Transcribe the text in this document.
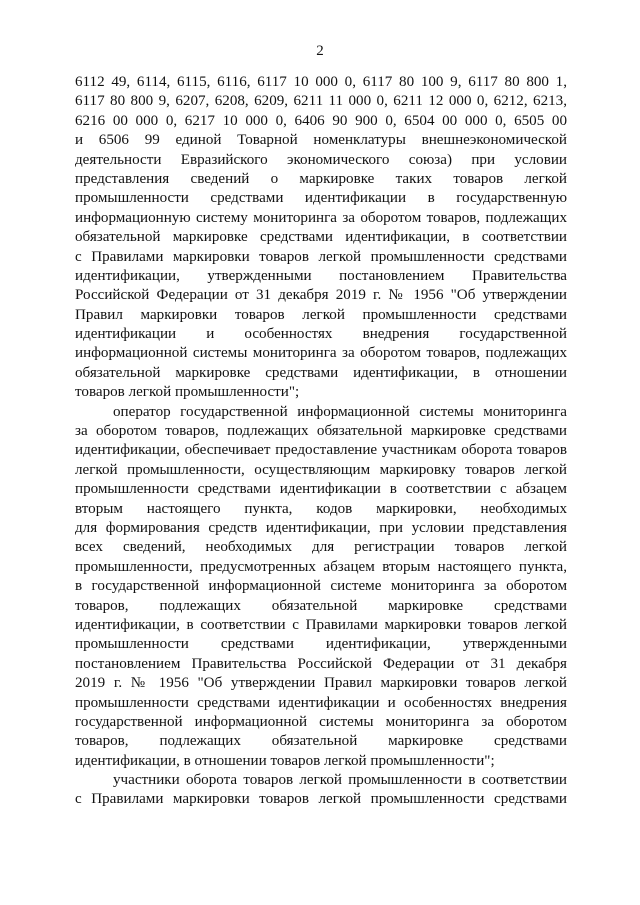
2
6112 49, 6114, 6115, 6116, 6117 10 000 0, 6117 80 100 9, 6117 80 800 1,
6117 80 800 9, 6207, 6208, 6209, 6211 11 000 0, 6211 12 000 0, 6212, 6213,
6216 00 000 0, 6217 10 000 0, 6406 90 900 0, 6504 00 000 0, 6505 00
и 6506 99 единой Товарной номенклатуры внешнеэкономической
деятельности Евразийского экономического союза) при условии
представления сведений о маркировке таких товаров легкой
промышленности средствами идентификации в государственную
информационную систему мониторинга за оборотом товаров, подлежащих
обязательной маркировке средствами идентификации, в соответствии
с Правилами маркировки товаров легкой промышленности средствами
идентификации, утвержденными постановлением Правительства
Российской Федерации от 31 декабря 2019 г. № 1956 "Об утверждении
Правил маркировки товаров легкой промышленности средствами
идентификации и особенностях внедрения государственной
информационной системы мониторинга за оборотом товаров, подлежащих
обязательной маркировке средствами идентификации, в отношении
товаров легкой промышленности";
оператор государственной информационной системы мониторинга
за оборотом товаров, подлежащих обязательной маркировке средствами
идентификации, обеспечивает предоставление участникам оборота товаров
легкой промышленности, осуществляющим маркировку товаров легкой
промышленности средствами идентификации в соответствии с абзацем
вторым настоящего пункта, кодов маркировки, необходимых
для формирования средств идентификации, при условии представления
всех сведений, необходимых для регистрации товаров легкой
промышленности, предусмотренных абзацем вторым настоящего пункта,
в государственной информационной системе мониторинга за оборотом
товаров, подлежащих обязательной маркировке средствами
идентификации, в соответствии с Правилами маркировки товаров легкой
промышленности средствами идентификации, утвержденными
постановлением Правительства Российской Федерации от 31 декабря
2019 г. № 1956 "Об утверждении Правил маркировки товаров легкой
промышленности средствами идентификации и особенностях внедрения
государственной информационной системы мониторинга за оборотом
товаров, подлежащих обязательной маркировке средствами
идентификации, в отношении товаров легкой промышленности";
участники оборота товаров легкой промышленности в соответствии
с Правилами маркировки товаров легкой промышленности средствами
